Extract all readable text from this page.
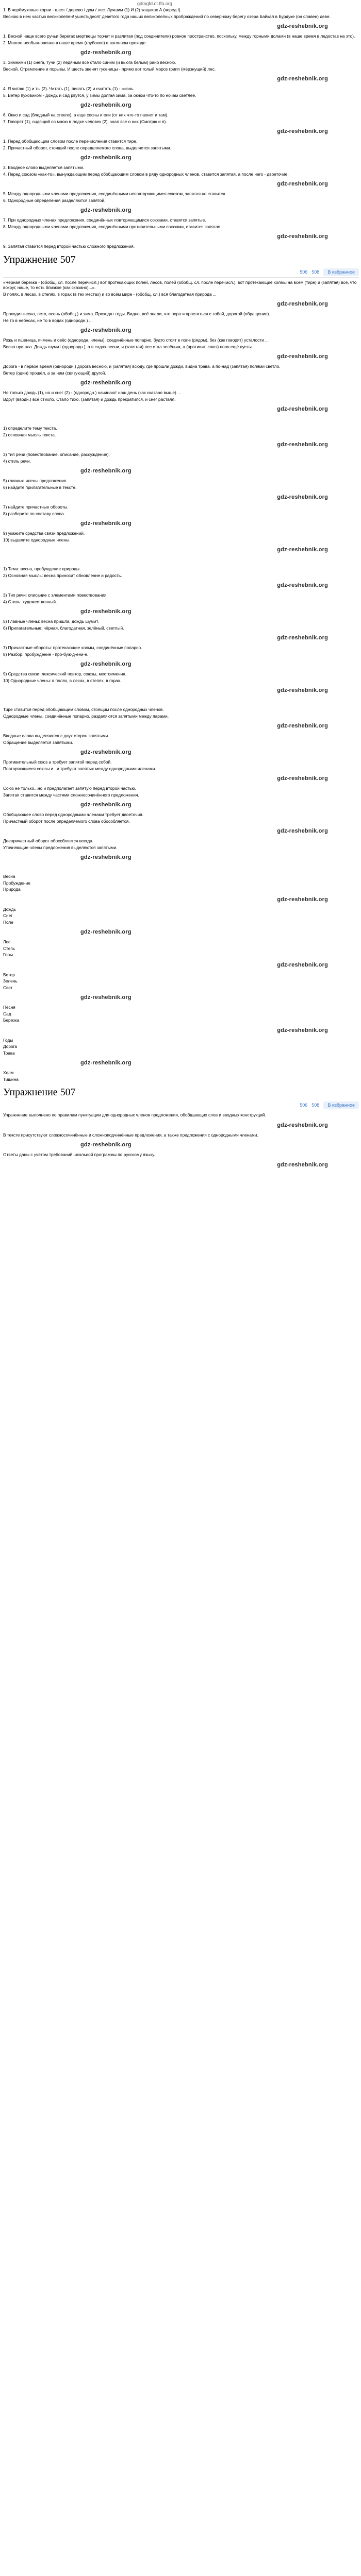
gdmgfd.ot.ffa.org

1. В черёмуховые корни - шест / дерево / дом / лес. Лучшим (1) И (2) защитах А (черед I).

Весною в нем частью великолепен! ушестьдесят деветого года наших великолепных прображдений по северному берегу озера Байкал в Бурдуке (он славен) деве.

gdz-reshebnik.org

1. Весной чаще всего ручьи берегах мертвецы торчат и разлитая (под соединители) ровное пространство, поскольку, между горными долами (в наше время в ледостав на это).

2. Многое необыкновенно в наше время (глубокое) в вагонном проходе.

gdz-reshebnik.org

3. Зимними (1) снега, тучи (2) ледяным всё стало синим (и вьюга белым) рано весною.

Весной. Стремление и порывы. И шесть звенят гусеницы - прямо вот голый мороз грипп (мёрзнущий) лес.

gdz-reshebnik.org

4. Я читаю (1) и ты (2). Читать (1), писать (2) и считать (1) - жизнь.

5. Ветер пуховиком - дождь и сад рвутся, у зимы долгая зима, за окном что-то по ночам светлее.

gdz-reshebnik.org

6. Окно и сад (бледный на стекле), а еще сосны и ели (от них что-то пахнет и там).

7. Говорят (1), сидящий со мною в лодке человек (2), знал все о них (Смотрю и я).

gdz-reshebnik.org

1. Перед обобщающим словом после перечисления ставится тире.

2. Причастный оборот, стоящий после определяемого слова, выделяется запятыми.

gdz-reshebnik.org

3. Вводное слово выделяется запятыми.

4. Перед союзом «как-то», вынуждающим перед обобщающим словом в ряду однородных членов, ставится запятая, а после него - двоеточие.

gdz-reshebnik.org

5. Между однородными членами предложения, соединёнными неповторяющимся союзом, запятая не ставится.

6. Однородные определения разделяются запятой.

gdz-reshebnik.org

7. При однородных членах предложения, соединённых повторяющимися союзами, ставятся запятые.

8. Между однородными членами предложения, соединёнными противительными союзами, ставится запятая.

gdz-reshebnik.org

9. Запятая ставится перед второй частью сложного предложения.

Упражнение 507
506 508	В избранное

«Черная березка - (обобщ. сл. после перечисл.) вот протекающих полей, лесов, полей (обобщ. сл. после перечисл.), вот протекающие холмы на всем (тире) и (запятая) всё, что вокруг, наше, то есть близкое (как сказано)...».

В полях, в лесах, в степях, в горах (в тех местах) и во всём мире - (обобщ. сл.) вся благодатная природа ...

gdz-reshebnik.org

Проходит весна, лето, осень (обобщ.) и зима. Проходят годы. Видно, всё знали, что пора и проститься с тобой, дорогой (обращение).

Не то в небесах, не то в водах (однородн.) ...

gdz-reshebnik.org

Рожь и пшеница, ячмень и овёс (однородн. члены), соединённые попарно, будто стоят в поле (рядом), без (как говорят) усталости ...

Весна пришла. Дождь шумит (однородн.), а в садах песни, и (запятая) лес стал зелёным, а (противит. союз) поля ещё пусты.

gdz-reshebnik.org

Дорога - в первое время (однородн.) дорога весною, и (запятая) всюду, где прошли дожди, видна трава, а по-над (запятая) полями светло.

Ветер (один) прошёл, а за ним (связующий) другой.

gdz-reshebnik.org

Не только дождь (1), но и снег (2) - (однородн.) начинают наш день (как сказано выше) ...

Вдруг (вводн.) всё стихло. Стало тихо, (запятая) и дождь прекратился, и снег растаял.

gdz-reshebnik.org

1) определите тему текста.

2) основная мысль текста.

gdz-reshebnik.org

3) тип речи (повествование, описание, рассуждение).

4) стиль речи.

gdz-reshebnik.org

5) главные члены предложения.

6) найдите прилагательные в тексте.

gdz-reshebnik.org

7) найдите причастные обороты.

8) разберите по составу слова.

gdz-reshebnik.org

9) укажите средства связи предложений.

10) выделите однородные члены.

gdz-reshebnik.org

1) Тема: весна, пробуждение природы.

2) Основная мысль: весна приносит обновление и радость.

gdz-reshebnik.org

3) Тип речи: описание с элементами повествования.

4) Стиль: художественный.

gdz-reshebnik.org

5) Главные члены: весна пришла; дождь шумит.

6) Прилагательные: чёрная, благодатная, зелёный, светлый.

gdz-reshebnik.org

7) Причастные обороты: протекающие холмы, соединённые попарно.

8) Разбор: пробуждение - про-буж-д-ени-е.

gdz-reshebnik.org

9) Средства связи: лексический повтор, союзы, местоимения.

10) Однородные члены: в полях, в лесах, в степях, в горах.

gdz-reshebnik.org

Тире ставится перед обобщающим словом, стоящим после однородных членов.

Однородные члены, соединённые попарно, разделяются запятыми между парами.

gdz-reshebnik.org

Вводные слова выделяются с двух сторон запятыми.

Обращение выделяется запятыми.

gdz-reshebnik.org

Противительный союз а требует запятой перед собой.

Повторяющиеся союзы и...и требуют запятых между однородными членами.

gdz-reshebnik.org

Союз не только...но и предполагает запятую перед второй частью.

Запятая ставится между частями сложносочинённого предложения.

gdz-reshebnik.org

Обобщающее слово перед однородными членами требует двоеточия.

Причастный оборот после определяемого слова обособляется.

gdz-reshebnik.org

Деепричастный оборот обособляется всегда.

Уточняющие члены предложения выделяются запятыми.

gdz-reshebnik.org

Весна

Пробуждение

Природа

gdz-reshebnik.org

Дождь

Снег

Поле

gdz-reshebnik.org

Лес

Степь

Горы

gdz-reshebnik.org

Ветер

Зелень

Свет

gdz-reshebnik.org

Песня

Сад

Березка

gdz-reshebnik.org

Годы

Дорога

Трава

gdz-reshebnik.org

Холм

Тишина

Упражнение 507
506 508	В избранное

Упражнение выполнено по правилам пунктуации для однородных членов предложения, обобщающих слов и вводных конструкций.

gdz-reshebnik.org

В тексте присутствуют сложносочинённые и сложноподчинённые предложения, а также предложения с однородными членами.

gdz-reshebnik.org

Ответы даны с учётом требований школьной программы по русскому языку.

gdz-reshebnik.org
